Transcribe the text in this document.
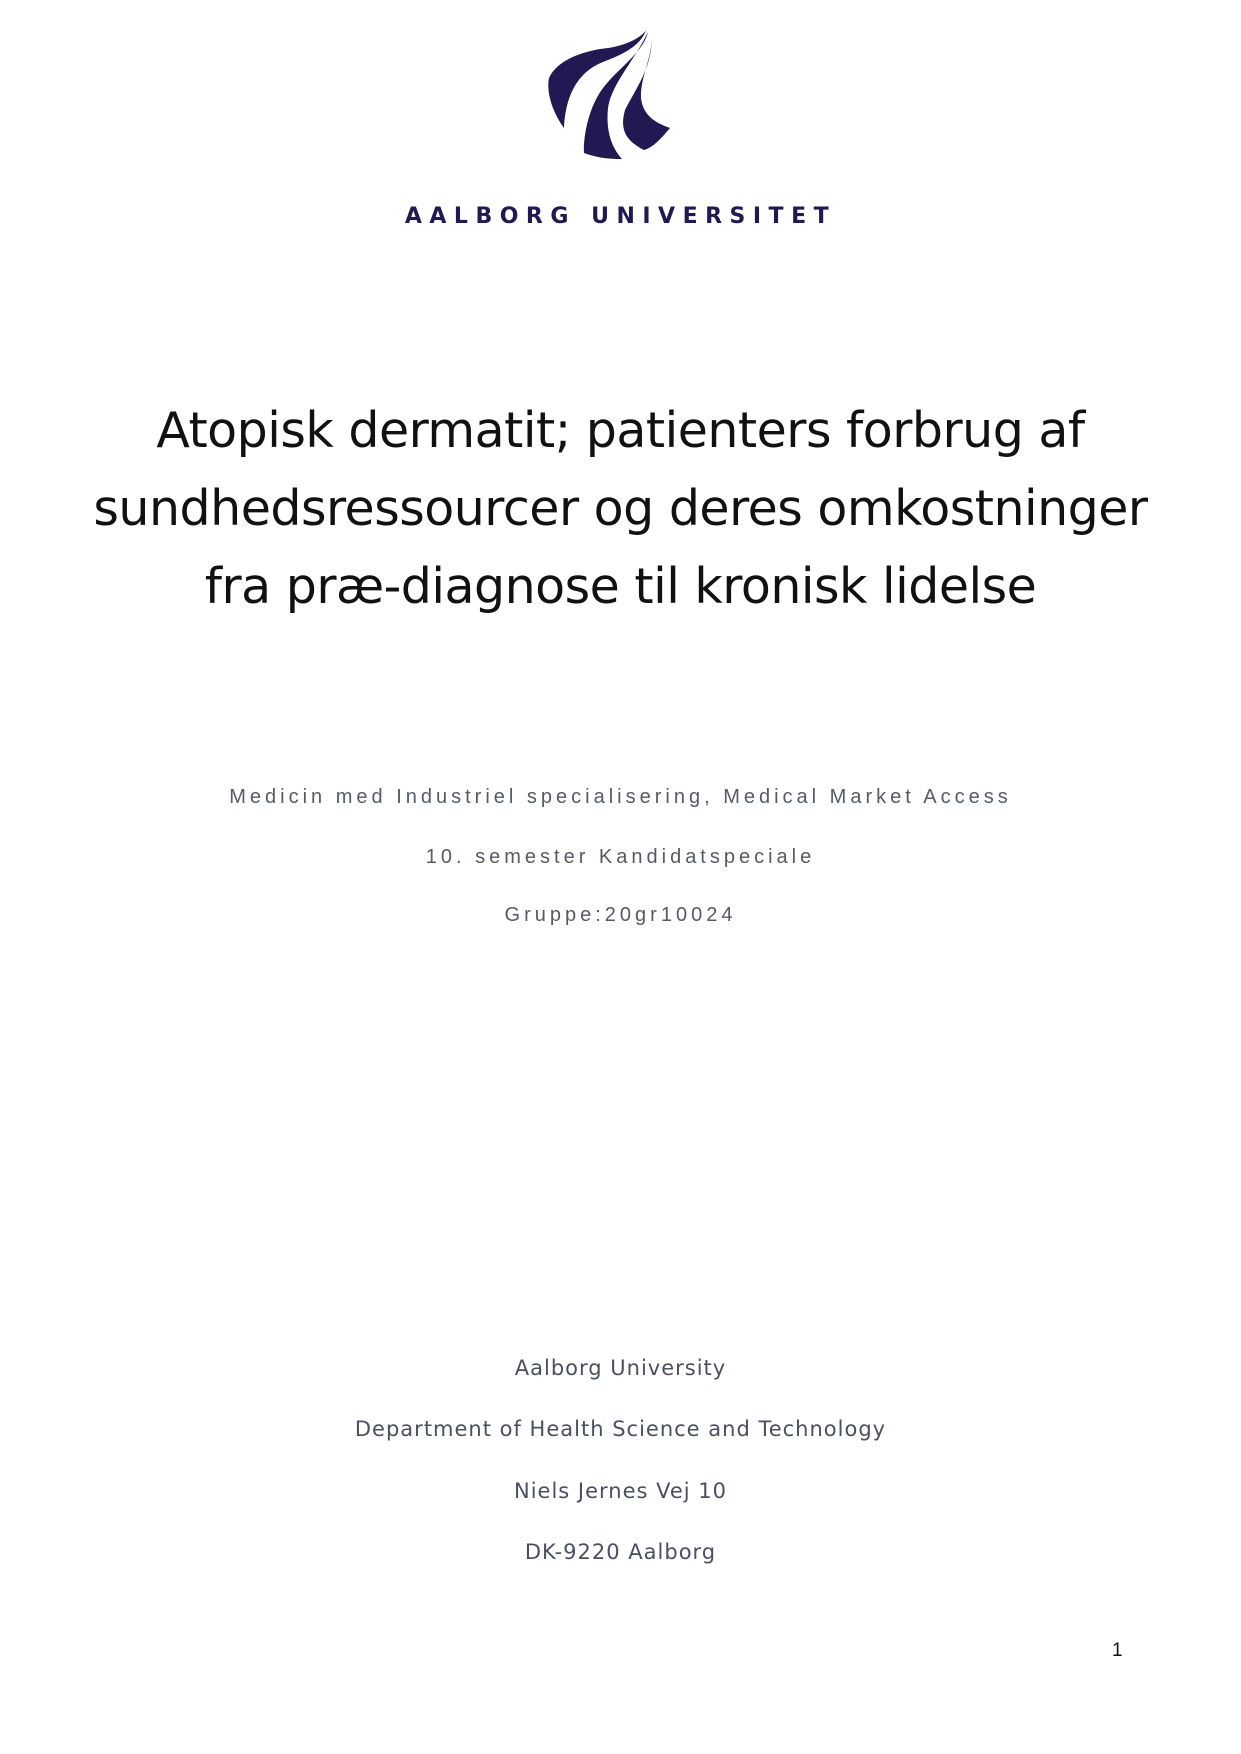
AALBORG UNIVERSITET
Atopisk dermatit; patienters forbrug af
sundhedsressourcer og deres omkostninger
fra præ-diagnose til kronisk lidelse
Medicin med Industriel specialisering, Medical Market Access
10. semester Kandidatspeciale
Gruppe:20gr10024
Aalborg University
Department of Health Science and Technology
Niels Jernes Vej 10
DK-9220 Aalborg
1
